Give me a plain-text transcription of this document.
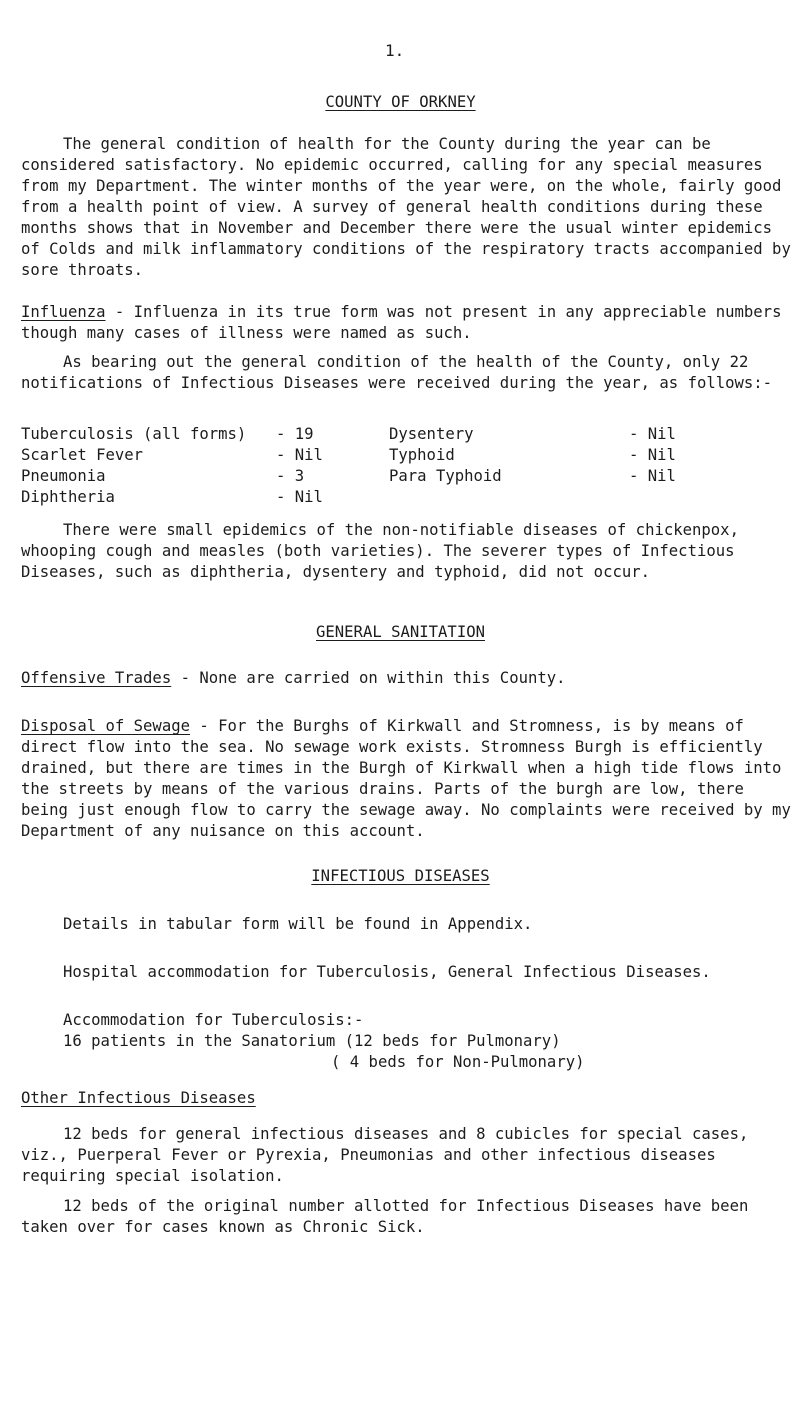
1.
COUNTY OF ORKNEY

The general condition of health for the County during the year can be considered satisfactory. No epidemic occurred, calling for any special measures from my Department. The winter months of the year were, on the whole, fairly good from a health point of view. A survey of general health conditions during these months shows that in November and December there were the usual winter epidemics of Colds and milk inflammatory conditions of the respiratory tracts accompanied by sore throats.

Influenza - Influenza in its true form was not present in any appreciable numbers though many cases of illness were named as such.

As bearing out the general condition of the health of the County, only 22 notifications of Infectious Diseases were received during the year, as follows:-

Tuberculosis (all forms)	- 19	Dysentery	- Nil
Scarlet Fever	- Nil	Typhoid	- Nil
Pneumonia	- 3	Para Typhoid	- Nil
Diphtheria	- Nil		

There were small epidemics of the non-notifiable diseases of chickenpox, whooping cough and measles (both varieties). The severer types of Infectious Diseases, such as diphtheria, dysentery and typhoid, did not occur.

GENERAL SANITATION

Offensive Trades - None are carried on within this County.

Disposal of Sewage - For the Burghs of Kirkwall and Stromness, is by means of direct flow into the sea. No sewage work exists. Stromness Burgh is efficiently drained, but there are times in the Burgh of Kirkwall when a high tide flows into the streets by means of the various drains. Parts of the burgh are low, there being just enough flow to carry the sewage away. No complaints were received by my Department of any nuisance on this account.

INFECTIOUS DISEASES

Details in tabular form will be found in Appendix.

Hospital accommodation for Tuberculosis, General Infectious Diseases.

Accommodation for Tuberculosis:-
16 patients in the Sanatorium (12 beds for Pulmonary)
( 4 beds for Non-Pulmonary)
Other Infectious Diseases

12 beds for general infectious diseases and 8 cubicles for special cases, viz., Puerperal Fever or Pyrexia, Pneumonias and other infectious diseases requiring special isolation.

12 beds of the original number allotted for Infectious Diseases have been taken over for cases known as Chronic Sick.
